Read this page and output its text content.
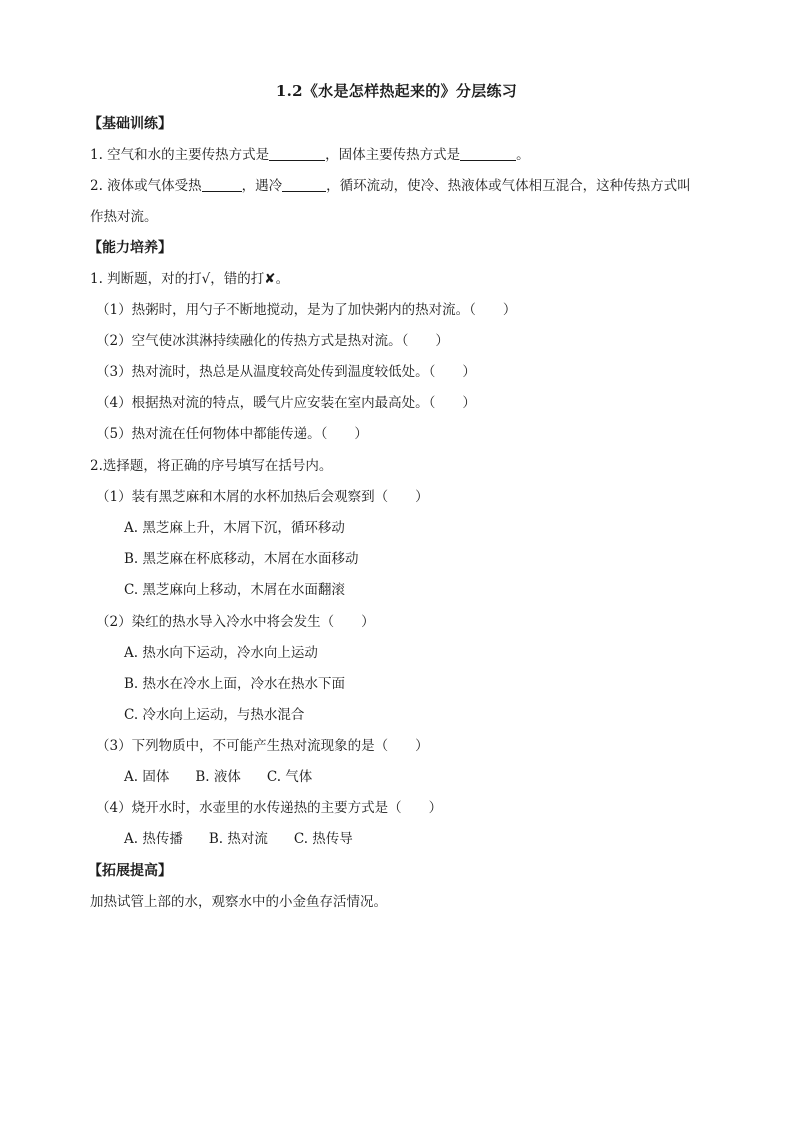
1.2《水是怎样热起来的》分层练习
【基础训练】
1. 空气和水的主要传热方式是	，固体主要传热方式是	。
2. 液体或气体受热	，遇冷	，循环流动，使冷、热液体或气体相互混合，这种传热方式叫
作热对流。
【能力培养】
1. 判断题，对的打√，错的打✘。
（1）热粥时，用勺子不断地搅动，是为了加快粥内的热对流。（　　）
（2）空气使冰淇淋持续融化的传热方式是热对流。（　　）
（3）热对流时，热总是从温度较高处传到温度较低处。（　　）
（4）根据热对流的特点，暖气片应安装在室内最高处。（　　）
（5）热对流在任何物体中都能传递。（　　）
2.选择题，将正确的序号填写在括号内。
（1）装有黑芝麻和木屑的水杯加热后会观察到（　　）
A. 黑芝麻上升，木屑下沉，循环移动
B. 黑芝麻在杯底移动，木屑在水面移动
C. 黑芝麻向上移动，木屑在水面翻滚
（2）染红的热水导入冷水中将会发生（　　）
A. 热水向下运动，冷水向上运动
B. 热水在冷水上面，冷水在热水下面
C. 冷水向上运动，与热水混合
（3）下列物质中，不可能产生热对流现象的是（　　）
A. 固体 B. 液体 C. 气体
（4）烧开水时，水壶里的水传递热的主要方式是（　　）
A. 热传播 B. 热对流 C. 热传导
【拓展提高】
加热试管上部的水，观察水中的小金鱼存活情况。
